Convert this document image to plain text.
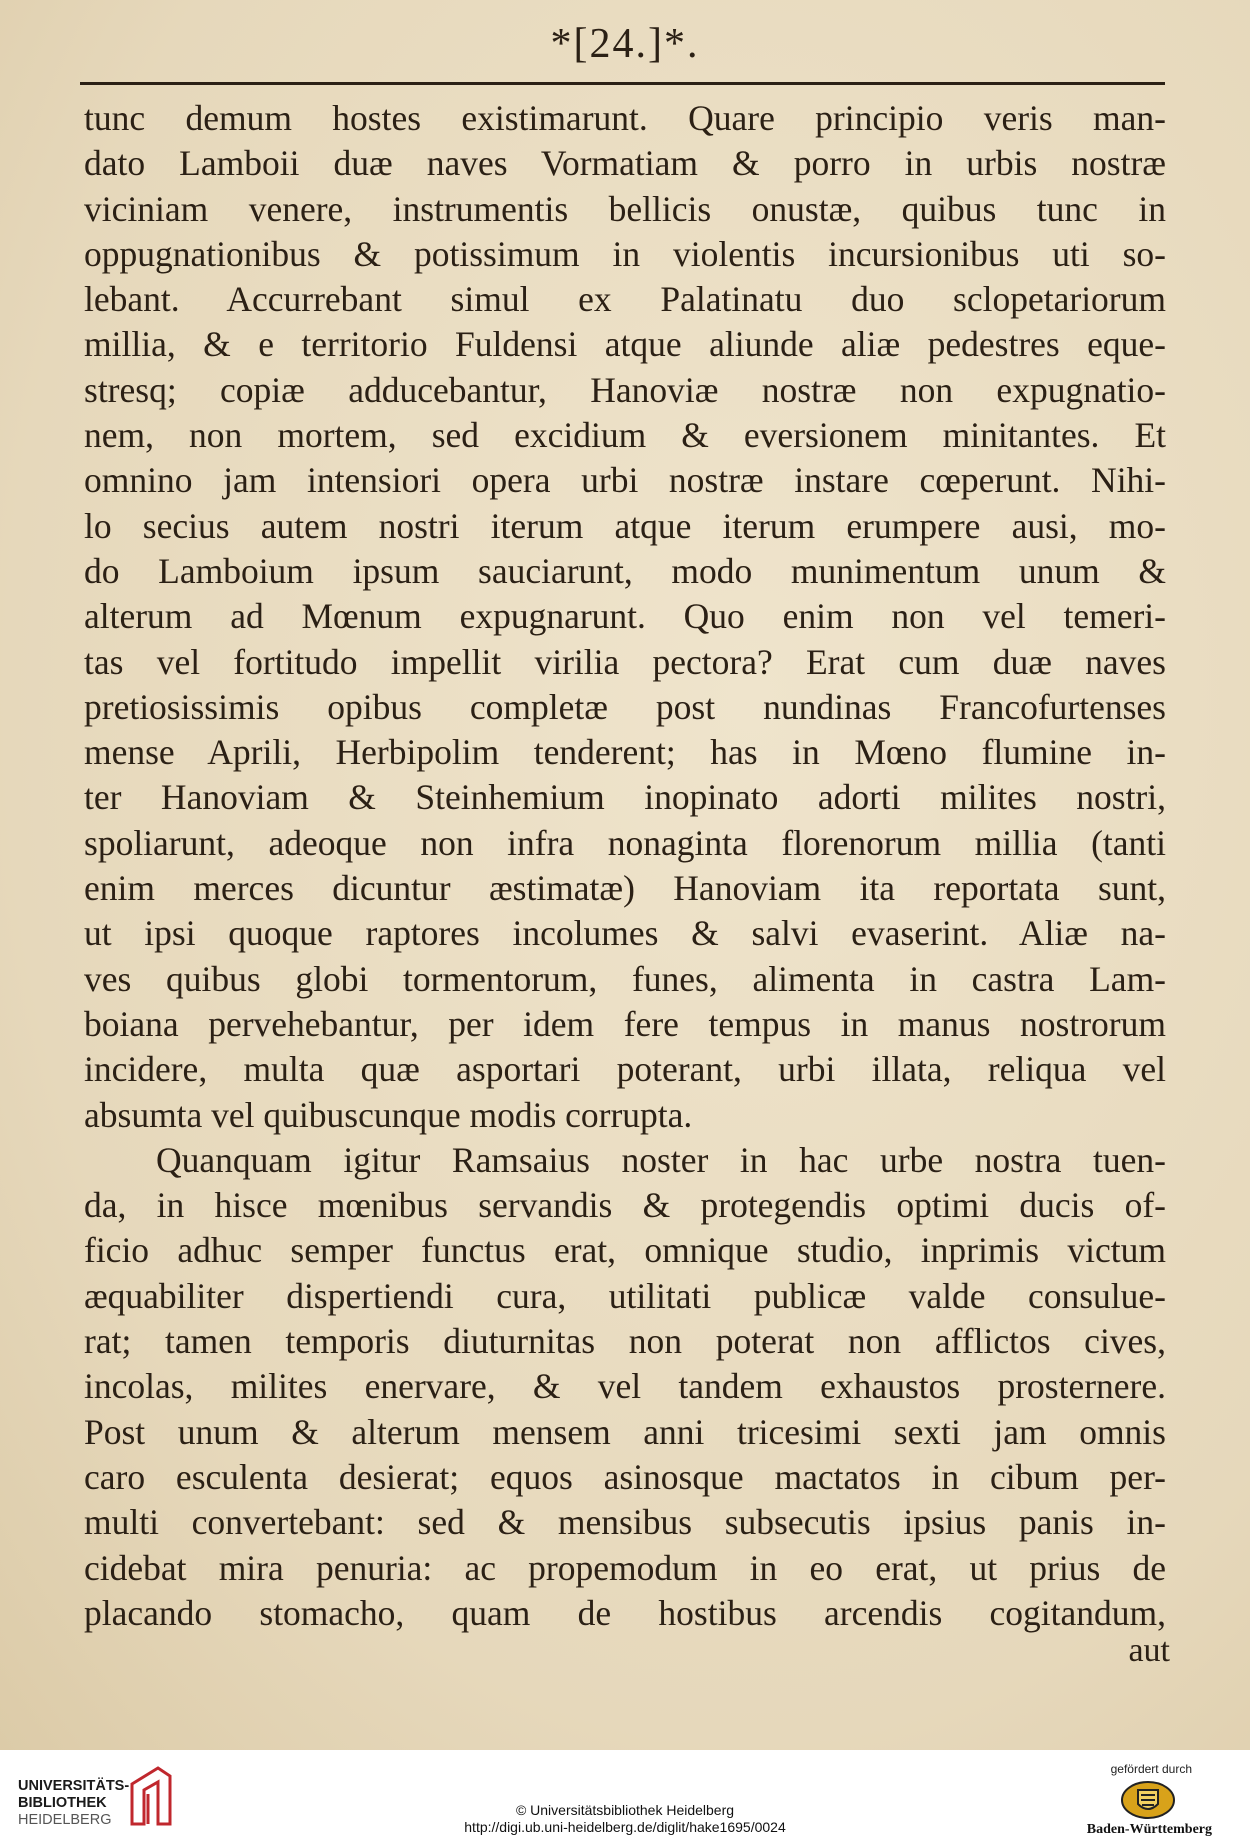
*[24.]*.
tunc demum hostes existimarunt. Quare principio veris man-
dato Lamboii duæ naves Vormatiam & porro in urbis nostræ
viciniam venere, instrumentis bellicis onustæ, quibus tunc in
oppugnationibus & potissimum in violentis incursionibus uti so-
lebant. Accurrebant simul ex Palatinatu duo sclopetariorum
millia, & e territorio Fuldensi atque aliunde aliæ pedestres eque-
stresq; copiæ adducebantur, Hanoviæ nostræ non expugnatio-
nem, non mortem, sed excidium & eversionem minitantes. Et
omnino jam intensiori opera urbi nostræ instare cœperunt. Nihi-
lo secius autem nostri iterum atque iterum erumpere ausi, mo-
do Lamboium ipsum sauciarunt, modo munimentum unum &
alterum ad Mœnum expugnarunt. Quo enim non vel temeri-
tas vel fortitudo impellit virilia pectora? Erat cum duæ naves
pretiosissimis opibus completæ post nundinas Francofurtenses
mense Aprili, Herbipolim tenderent; has in Mœno flumine in-
ter Hanoviam & Steinhemium inopinato adorti milites nostri,
spoliarunt, adeoque non infra nonaginta florenorum millia (tanti
enim merces dicuntur æstimatæ) Hanoviam ita reportata sunt,
ut ipsi quoque raptores incolumes & salvi evaserint. Aliæ na-
ves quibus globi tormentorum, funes, alimenta in castra Lam-
boiana pervehebantur, per idem fere tempus in manus nostrorum
incidere, multa quæ asportari poterant, urbi illata, reliqua vel
absumta vel quibuscunque modis corrupta.
Quanquam igitur Ramsaius noster in hac urbe nostra tuen-
da, in hisce mœnibus servandis & protegendis optimi ducis of-
ficio adhuc semper functus erat, omnique studio, inprimis victum
æquabiliter dispertiendi cura, utilitati publicæ valde consulue-
rat; tamen temporis diuturnitas non poterat non afflictos cives,
incolas, milites enervare, & vel tandem exhaustos prosternere.
Post unum & alterum mensem anni tricesimi sexti jam omnis
caro esculenta desierat; equos asinosque mactatos in cibum per-
multi convertebant: sed & mensibus subsecutis ipsius panis in-
cidebat mira penuria: ac propemodum in eo erat, ut prius de
placando stomacho, quam de hostibus arcendis cogitandum,
aut
UNIVERSITÄTS-
BIBLIOTHEK
HEIDELBERG
© Universitätsbibliothek Heidelberg
http://digi.ub.uni-heidelberg.de/diglit/hake1695/0024
gefördert durch
Baden-Württemberg
